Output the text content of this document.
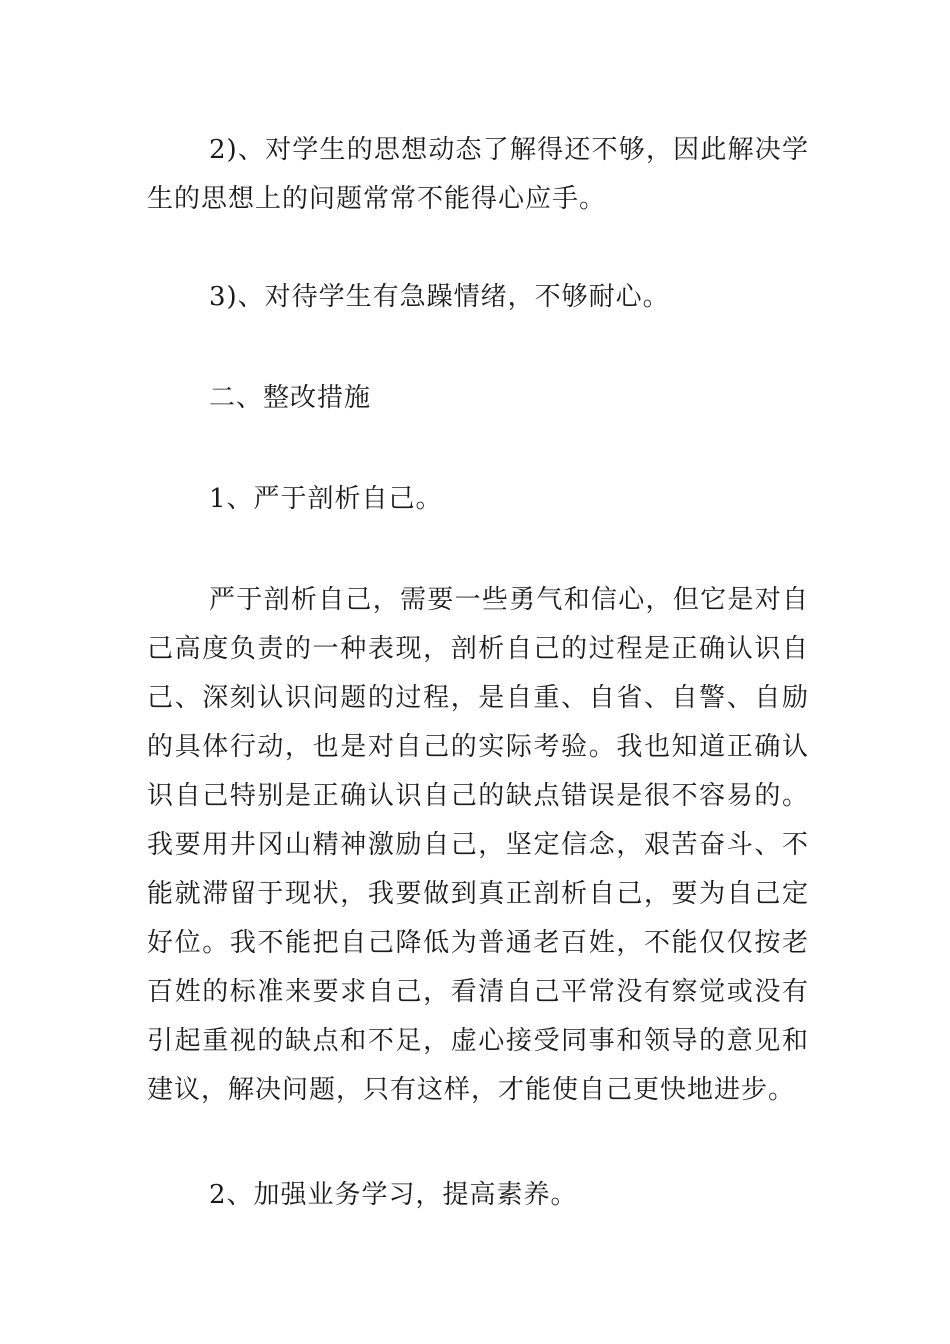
2)、对学生的思想动态了解得还不够，因此解决学生的思想上的问题常常不能得心应手。

3)、对待学生有急躁情绪，不够耐心。

二、整改措施

1、严于剖析自己。

严于剖析自己，需要一些勇气和信心，但它是对自己高度负责的一种表现，剖析自己的过程是正确认识自己、深刻认识问题的过程，是自重、自省、自警、自励的具体行动，也是对自己的实际考验。我也知道正确认识自己特别是正确认识自己的缺点错误是很不容易的。我要用井冈山精神激励自己，坚定信念，艰苦奋斗、不能就滞留于现状，我要做到真正剖析自己，要为自己定好位。我不能把自己降低为普通老百姓，不能仅仅按老百姓的标准来要求自己，看清自己平常没有察觉或没有引起重视的缺点和不足，虚心接受同事和领导的意见和建议，解决问题，只有这样，才能使自己更快地进步。

2、加强业务学习，提高素养。
